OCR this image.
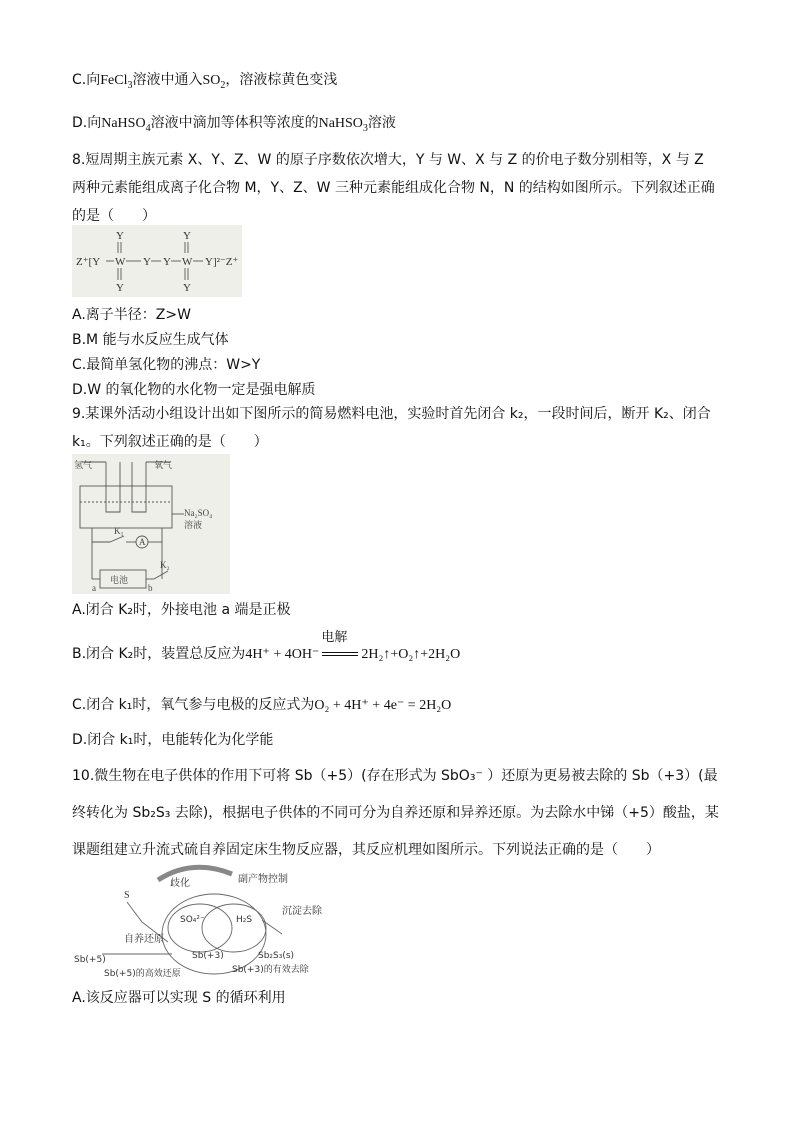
C.向FeCl$_3$溶液中通入$SO_2$，溶液棕黄色变浅
D.向NaHSO$_4$溶液中滴加等体积等浓度的NaHSO$_3$溶液
8.短周期主族元素 X、Y、Z、W 的原子序数依次增大，Y 与 W、X 与 Z 的价电子数分别相等，X 与 Z 两种元素能组成离子化合物 M，Y、Z、W 三种元素能组成化合物 N，N 的结构如图所示。下列叙述正确的是（　　）
Z⁺[Y W Y Y W Y]²⁻Z⁺
Y	Y
Y	Y
A.离子半径：Z>W
B.M 能与水反应生成气体
C.最简单氢化物的沸点：W>Y
D.W 的氧化物的水化物一定是强电解质
9.某课外活动小组设计出如下图所示的简易燃料电池，实验时首先闭合 k₂，一段时间后，断开 K₂、闭合 k₁。下列叙述正确的是（　　）
氢气	氧气
Na₂SO₄
溶液
K₁
A
K₂
电池
a	b
A.闭合 K₂时，外接电池 a 端是正极
B.闭合 K₂时，装置总反应为4H⁺ + 4OH⁻
电解
2H₂↑+O₂↑+2H₂O
C.闭合 k₁时，氧气参与电极的反应式为O₂ + 4H⁺ + 4e⁻ = 2H₂O
D.闭合 k₁时，电能转化为化学能
10.微生物在电子供体的作用下可将 Sb（+5）(存在形式为 SbO₃⁻ ）还原为更易被去除的 Sb（+3）(最终转化为 Sb₂S₃ 去除)，根据电子供体的不同可分为自养还原和异养还原。为去除水中锑（+5）酸盐，某课题组建立升流式硫自养固定床生物反应器，其反应机理如图所示。下列说法正确的是（　　）
S
歧化	副产物控制
SO₄²⁻	H₂S
沉淀去除
自养还原
Sb(+5)	Sb(+3)	Sb₂S₃(s)
Sb(+5)的高效还原	Sb(+3)的有效去除
A.该反应器可以实现 S 的循环利用
